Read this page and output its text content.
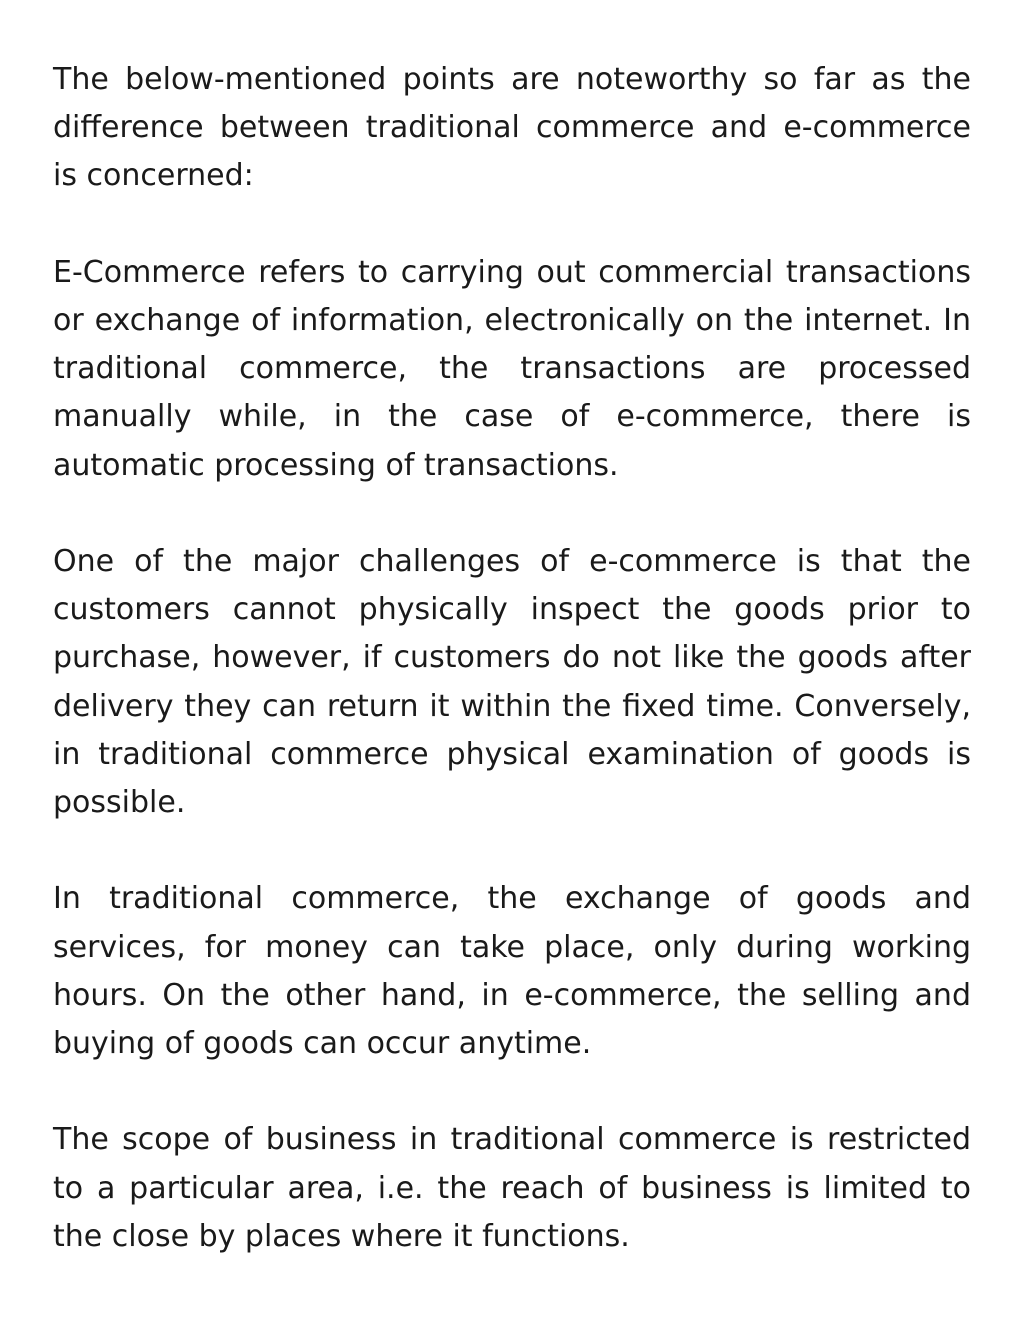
The below-mentioned points are noteworthy so far as the difference between traditional commerce and e-commerce is concerned:

E-Commerce refers to carrying out commercial transactions or exchange of information, electronically on the internet. In traditional commerce, the transactions are processed manually while, in the case of e-commerce, there is automatic processing of transactions.

One of the major challenges of e-commerce is that the customers cannot physically inspect the goods prior to purchase, however, if customers do not like the goods after delivery they can return it within the fixed time. Conversely, in traditional commerce physical examination of goods is possible.

In traditional commerce, the exchange of goods and services, for money can take place, only during working hours. On the other hand, in e-commerce, the selling and buying of goods can occur anytime.

The scope of business in traditional commerce is restricted to a particular area, i.e. the reach of business is limited to the close by places where it functions.
